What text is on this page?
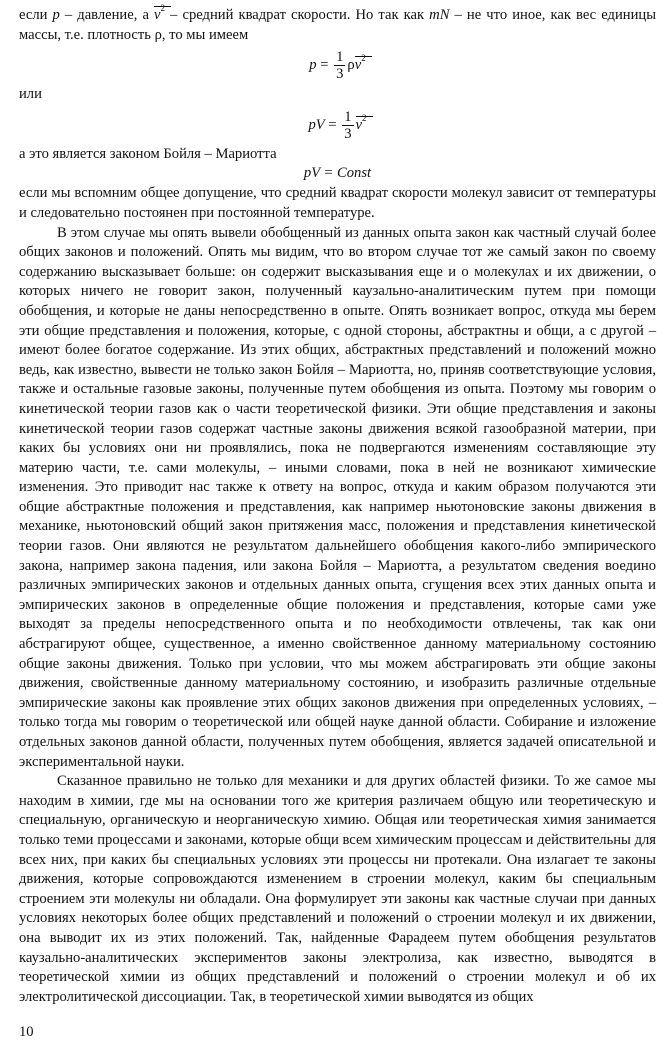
если p – давление, а $v^2$ – средний квадрат скорости. Но так как mN – не что иное, как вес единицы массы, т.е. плотность ρ, то мы имеем

$p = \frac{1}{3} \rho v^2$

или

pV = $\frac{1}{3} v^2$

а это является законом Бойля – Мариотта

pV = Const

если мы вспомним общее допущение, что средний квадрат скорости молекул зависит от температуры и следовательно постоянен при постоянной температуре.

В этом случае мы опять вывели обобщенный из данных опыта закон как частный случай более общих законов и положений. Опять мы видим, что во втором случае тот же самый закон по своему содержанию высказывает больше: он содержит высказывания еще и о молекулах и их движении, о которых ничего не говорит закон, полученный каузально-аналитическим путем при помощи обобщения, и которые не даны непосредственно в опыте. Опять возникает вопрос, откуда мы берем эти общие представления и положения, которые, с одной стороны, абстрактны и общи, а с другой – имеют более богатое содержание. Из этих общих, абстрактных представлений и положений можно ведь, как известно, вывести не только закон Бойля – Мариотта, но, приняв соответствующие условия, также и остальные газовые законы, полученные путем обобщения из опыта. Поэтому мы говорим о кинетической теории газов как о части теоретической физики. Эти общие представления и законы кинетической теории газов содержат частные законы движения всякой газообразной материи, при каких бы условиях они ни проявлялись, пока не подвергаются изменениям составляющие эту материю части, т.е. сами молекулы, – иными словами, пока в ней не возникают химические изменения. Это приводит нас также к ответу на вопрос, откуда и каким образом получаются эти общие абстрактные положения и представления, как например ньютоновские законы движения в механике, ньютоновский общий закон притяжения масс, положения и представления кинетической теории газов. Они являются не результатом дальнейшего обобщения какого-либо эмпирического закона, например закона падения, или закона Бойля – Мариотта, а результатом сведения воедино различных эмпирических законов и отдельных данных опыта, сгущения всех этих данных опыта и эмпирических законов в определенные общие положения и представления, которые сами уже выходят за пределы непосредственного опыта и по необходимости отвлечены, так как они абстрагируют общее, существенное, а именно свойственное данному материальному состоянию общие законы движения. Только при условии, что мы можем абстрагировать эти общие законы движения, свойственные данному материальному состоянию, и изобразить различные отдельные эмпирические законы как проявление этих общих законов движения при определенных условиях, – только тогда мы говорим о теоретической или общей науке данной области. Собирание и изложение отдельных законов данной области, полученных путем обобщения, является задачей описательной и экспериментальной науки.

Сказанное правильно не только для механики и для других областей физики. То же самое мы находим в химии, где мы на основании того же критерия различаем общую или теоретическую и специальную, органическую и неорганическую химию. Общая или теоретическая химия занимается только теми процессами и законами, которые общи всем химическим процессам и действительны для всех них, при каких бы специальных условиях эти процессы ни протекали. Она излагает те законы движения, которые сопровождаются изменением в строении молекул, каким бы специальным строением эти молекулы ни обладали. Она формулирует эти законы как частные случаи при данных условиях некоторых более общих представлений и положений о строении молекул и их движении, она выводит их из этих положений. Так, найденные Фарадеем путем обобщения результатов каузально-аналитических экспериментов законы электролиза, как известно, выводятся в теоретической химии из общих представлений и положений о строении молекул и об их электролитической диссоциации. Так, в теоретической химии выводятся из общих

10
